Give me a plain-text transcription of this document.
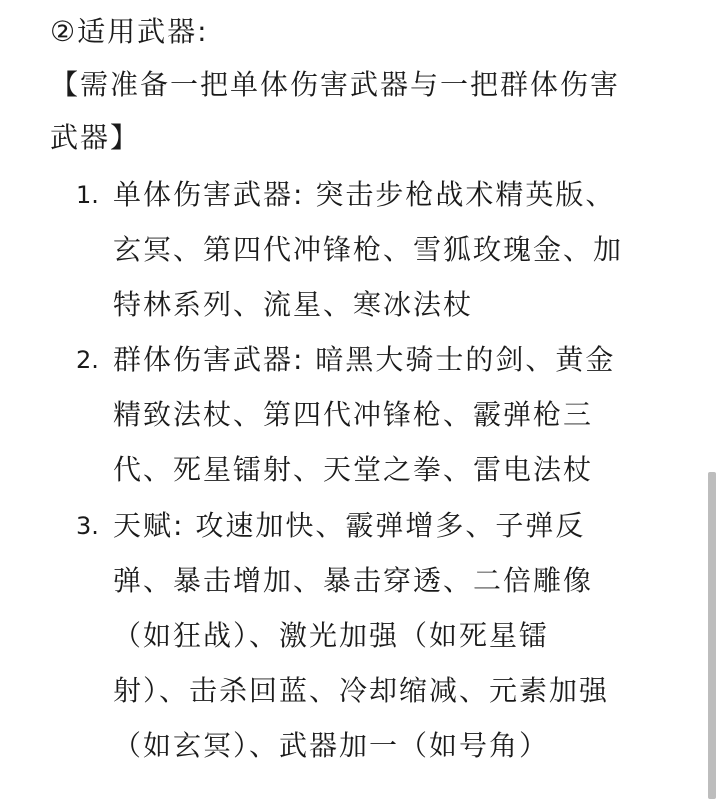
②适用武器:
【需准备一把单体伤害武器与一把群体伤害
武器】
1. 单体伤害武器: 突击步枪战术精英版、
玄冥、第四代冲锋枪、雪狐玫瑰金、加
特林系列、流星、寒冰法杖
2. 群体伤害武器: 暗黑大骑士的剑、黄金
精致法杖、第四代冲锋枪、霰弹枪三
代、死星镭射、天堂之拳、雷电法杖
3. 天赋: 攻速加快、霰弹增多、子弹反
弹、暴击增加、暴击穿透、二倍雕像
（如狂战）、激光加强（如死星镭
射）、击杀回蓝、冷却缩减、元素加强
（如玄冥）、武器加一（如号角）
